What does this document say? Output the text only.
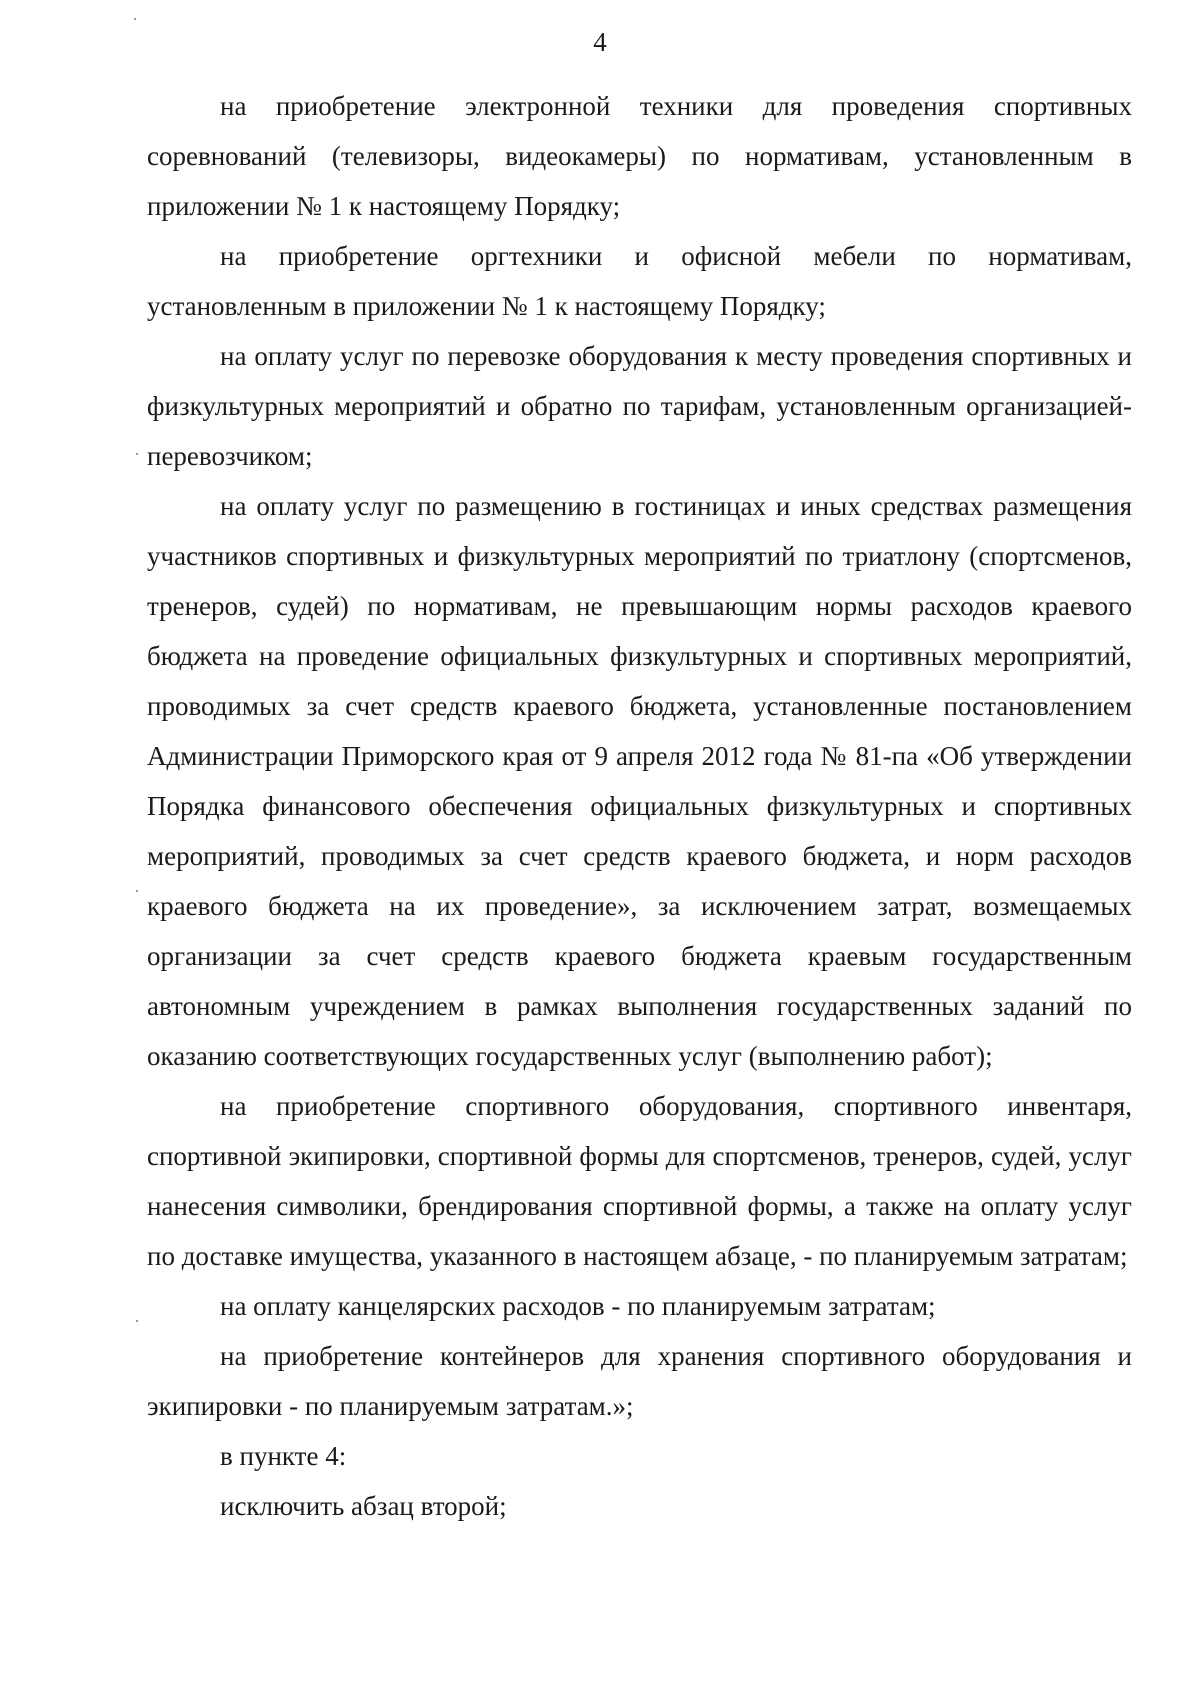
4

на приобретение электронной техники для проведения спортивных соревнований (телевизоры, видеокамеры) по нормативам, установленным в приложении № 1 к настоящему Порядку;

на приобретение оргтехники и офисной мебели по нормативам, установленным в приложении № 1 к настоящему Порядку;

на оплату услуг по перевозке оборудования к месту проведения спортивных и физкультурных мероприятий и обратно по тарифам, установленным организацией-перевозчиком;

на оплату услуг по размещению в гостиницах и иных средствах размещения участников спортивных и физкультурных мероприятий по триатлону (спортсменов, тренеров, судей) по нормативам, не превышающим нормы расходов краевого бюджета на проведение официальных физкультурных и спортивных мероприятий, проводимых за счет средств краевого бюджета, установленные постановлением Администрации Приморского края от 9 апреля 2012 года № 81-па «Об утверждении Порядка финансового обеспечения официальных физкультурных и спортивных мероприятий, проводимых за счет средств краевого бюджета, и норм расходов краевого бюджета на их проведение», за исключением затрат, возмещаемых организации за счет средств краевого бюджета краевым государственным автономным учреждением в рамках выполнения государственных заданий по оказанию соответствующих государственных услуг (выполнению работ);

на приобретение спортивного оборудования, спортивного инвентаря, спортивной экипировки, спортивной формы для спортсменов, тренеров, судей, услуг нанесения символики, брендирования спортивной формы, а также на оплату услуг по доставке имущества, указанного в настоящем абзаце, - по планируемым затратам;

на оплату канцелярских расходов - по планируемым затратам;

на приобретение контейнеров для хранения спортивного оборудования и экипировки - по планируемым затратам.»;

в пункте 4:

исключить абзац второй;
